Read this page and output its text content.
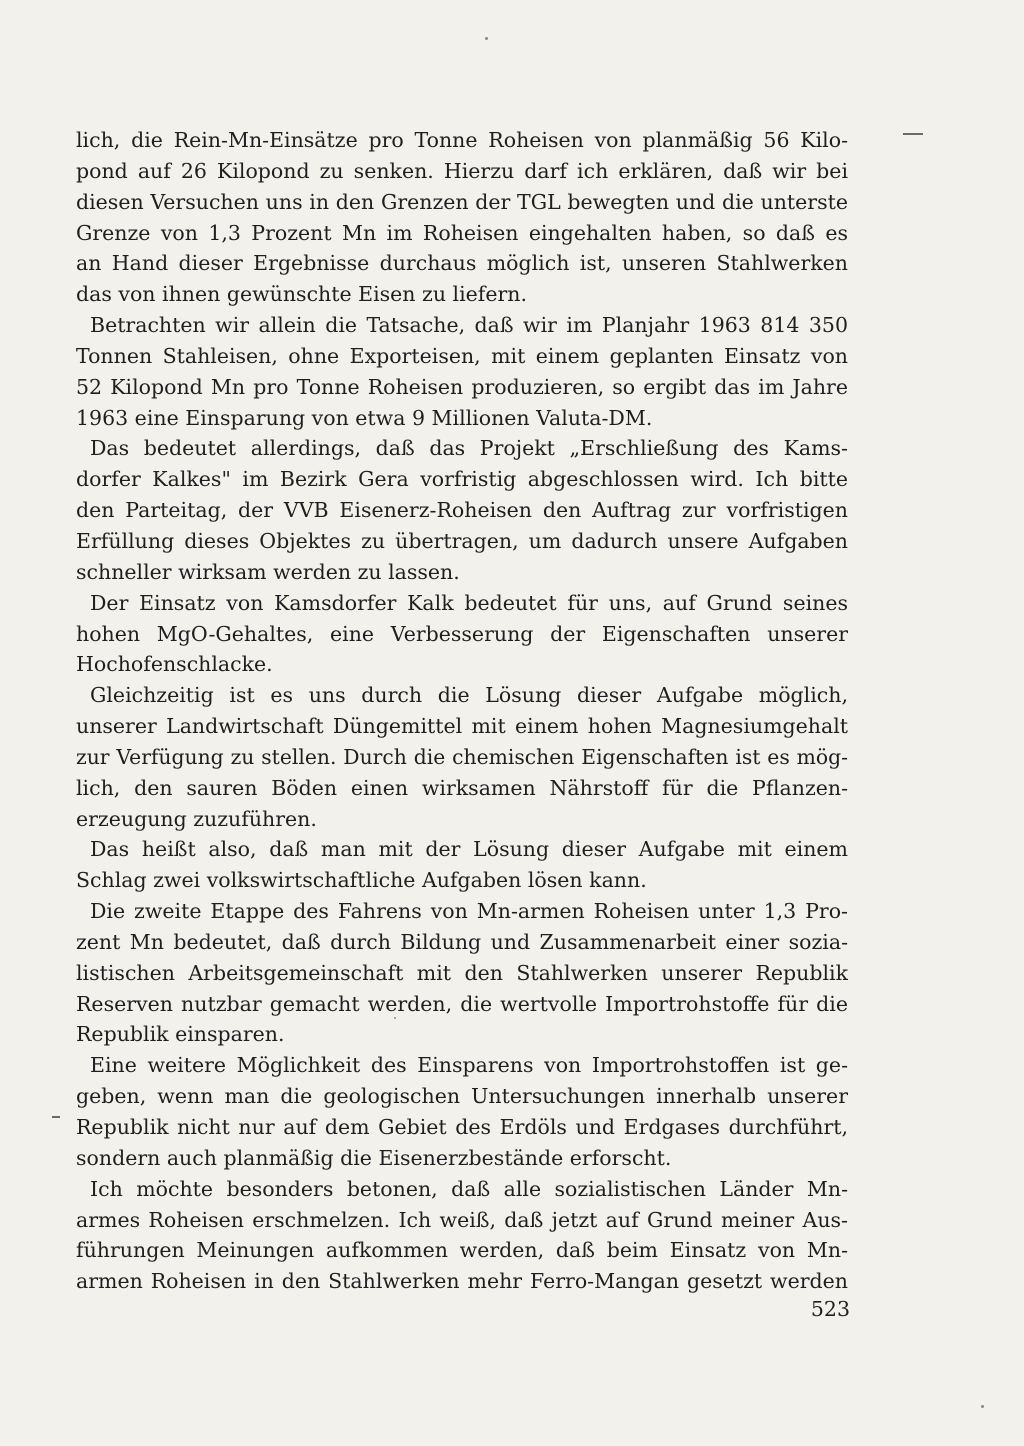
lich, die Rein-Mn-Einsätze pro Tonne Roheisen von planmäßig 56 Kilo-
pond auf 26 Kilopond zu senken. Hierzu darf ich erklären, daß wir bei
diesen Versuchen uns in den Grenzen der TGL bewegten und die unterste
Grenze von 1,3 Prozent Mn im Roheisen eingehalten haben, so daß es
an Hand dieser Ergebnisse durchaus möglich ist, unseren Stahlwerken
das von ihnen gewünschte Eisen zu liefern.
Betrachten wir allein die Tatsache, daß wir im Planjahr 1963 814 350
Tonnen Stahleisen, ohne Exporteisen, mit einem geplanten Einsatz von
52 Kilopond Mn pro Tonne Roheisen produzieren, so ergibt das im Jahre
1963 eine Einsparung von etwa 9 Millionen Valuta-DM.
Das bedeutet allerdings, daß das Projekt „Erschließung des Kams-
dorfer Kalkes" im Bezirk Gera vorfristig abgeschlossen wird. Ich bitte
den Parteitag, der VVB Eisenerz-Roheisen den Auftrag zur vorfristigen
Erfüllung dieses Objektes zu übertragen, um dadurch unsere Aufgaben
schneller wirksam werden zu lassen.
Der Einsatz von Kamsdorfer Kalk bedeutet für uns, auf Grund seines
hohen MgO-Gehaltes, eine Verbesserung der Eigenschaften unserer
Hochofenschlacke.
Gleichzeitig ist es uns durch die Lösung dieser Aufgabe möglich,
unserer Landwirtschaft Düngemittel mit einem hohen Magnesiumgehalt
zur Verfügung zu stellen. Durch die chemischen Eigenschaften ist es mög-
lich, den sauren Böden einen wirksamen Nährstoff für die Pflanzen-
erzeugung zuzuführen.
Das heißt also, daß man mit der Lösung dieser Aufgabe mit einem
Schlag zwei volkswirtschaftliche Aufgaben lösen kann.
Die zweite Etappe des Fahrens von Mn-armen Roheisen unter 1,3 Pro-
zent Mn bedeutet, daß durch Bildung und Zusammenarbeit einer sozia-
listischen Arbeitsgemeinschaft mit den Stahlwerken unserer Republik
Reserven nutzbar gemacht werden, die wertvolle Importrohstoffe für die
Republik einsparen.
Eine weitere Möglichkeit des Einsparens von Importrohstoffen ist ge-
geben, wenn man die geologischen Untersuchungen innerhalb unserer
Republik nicht nur auf dem Gebiet des Erdöls und Erdgases durchführt,
sondern auch planmäßig die Eisenerzbestände erforscht.
Ich möchte besonders betonen, daß alle sozialistischen Länder Mn-
armes Roheisen erschmelzen. Ich weiß, daß jetzt auf Grund meiner Aus-
führungen Meinungen aufkommen werden, daß beim Einsatz von Mn-
armen Roheisen in den Stahlwerken mehr Ferro-Mangan gesetzt werden
523
